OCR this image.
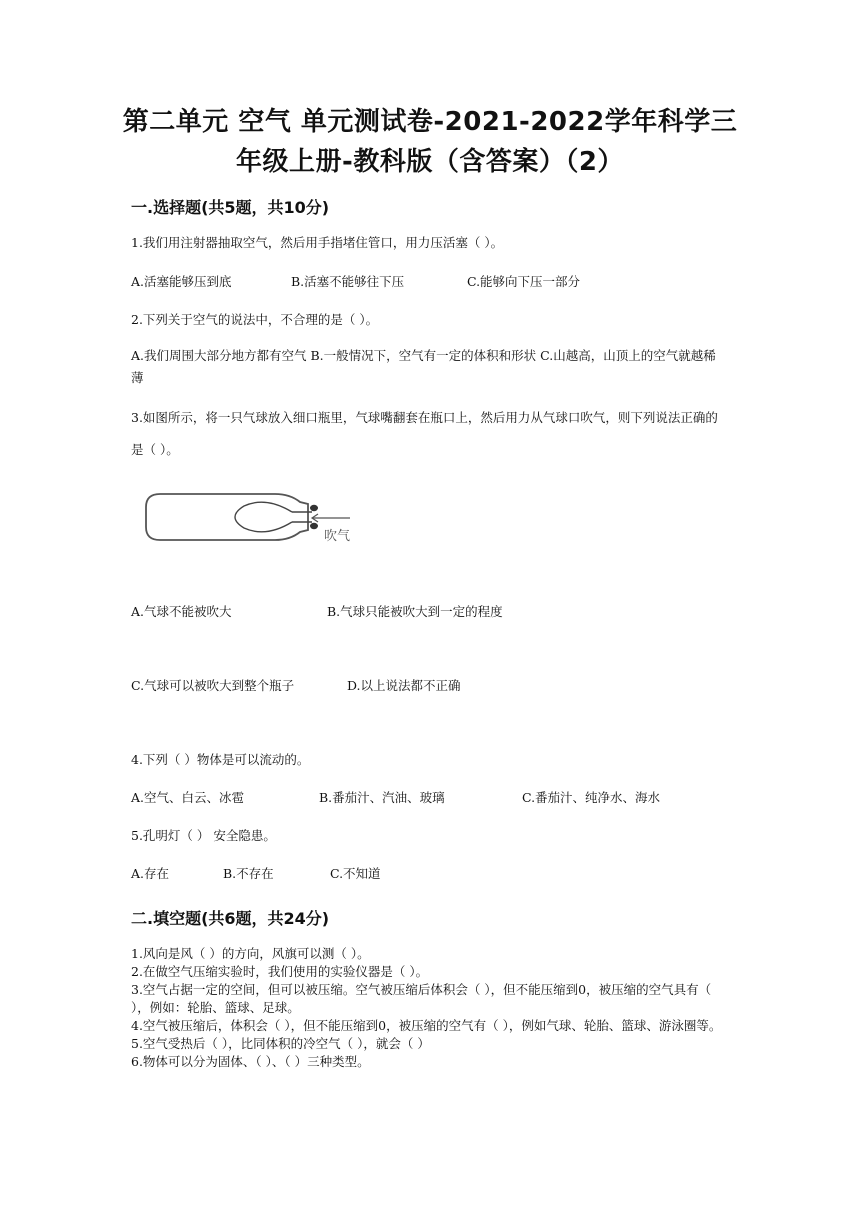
第二单元 空气 单元测试卷-2021-2022学年科学三
年级上册-教科版（含答案）（2）
一.选择题(共5题，共10分)
1.我们用注射器抽取空气，然后用手指堵住管口，用力压活塞（ ）。
A.活塞能够压到底	B.活塞不能够往下压	C.能够向下压一部分
2.下列关于空气的说法中，不合理的是（ ）。
A.我们周围大部分地方都有空气 B.一般情况下，空气有一定的体积和形状 C.山越高，山顶上的空气就越稀薄
3.如图所示，将一只气球放入细口瓶里，气球嘴翻套在瓶口上，然后用力从气球口吹气，则下列说法正确的是（ ）。
吹气
A.气球不能被吹大	B.气球只能被吹大到一定的程度
C.气球可以被吹大到整个瓶子	D.以上说法都不正确
4.下列（ ）物体是可以流动的。
A.空气、白云、冰雹	B.番茄汁、汽油、玻璃	C.番茄汁、纯净水、海水
5.孔明灯（ ） 安全隐患。
A.存在	B.不存在	C.不知道
二.填空题(共6题，共24分)
1.风向是风（ ）的方向，风旗可以测（ ）。
2.在做空气压缩实验时，我们使用的实验仪器是（ ）。
3.空气占据一定的空间，但可以被压缩。空气被压缩后体积会（ ），但不能压缩到0，被压缩的空气具有（ ），例如：轮胎、篮球、足球。
4.空气被压缩后，体积会（ ），但不能压缩到0，被压缩的空气有（ ），例如气球、轮胎、篮球、游泳圈等。
5.空气受热后（ ），比同体积的冷空气（ ），就会（ ）
6.物体可以分为固体、（ ）、（ ）三种类型。
